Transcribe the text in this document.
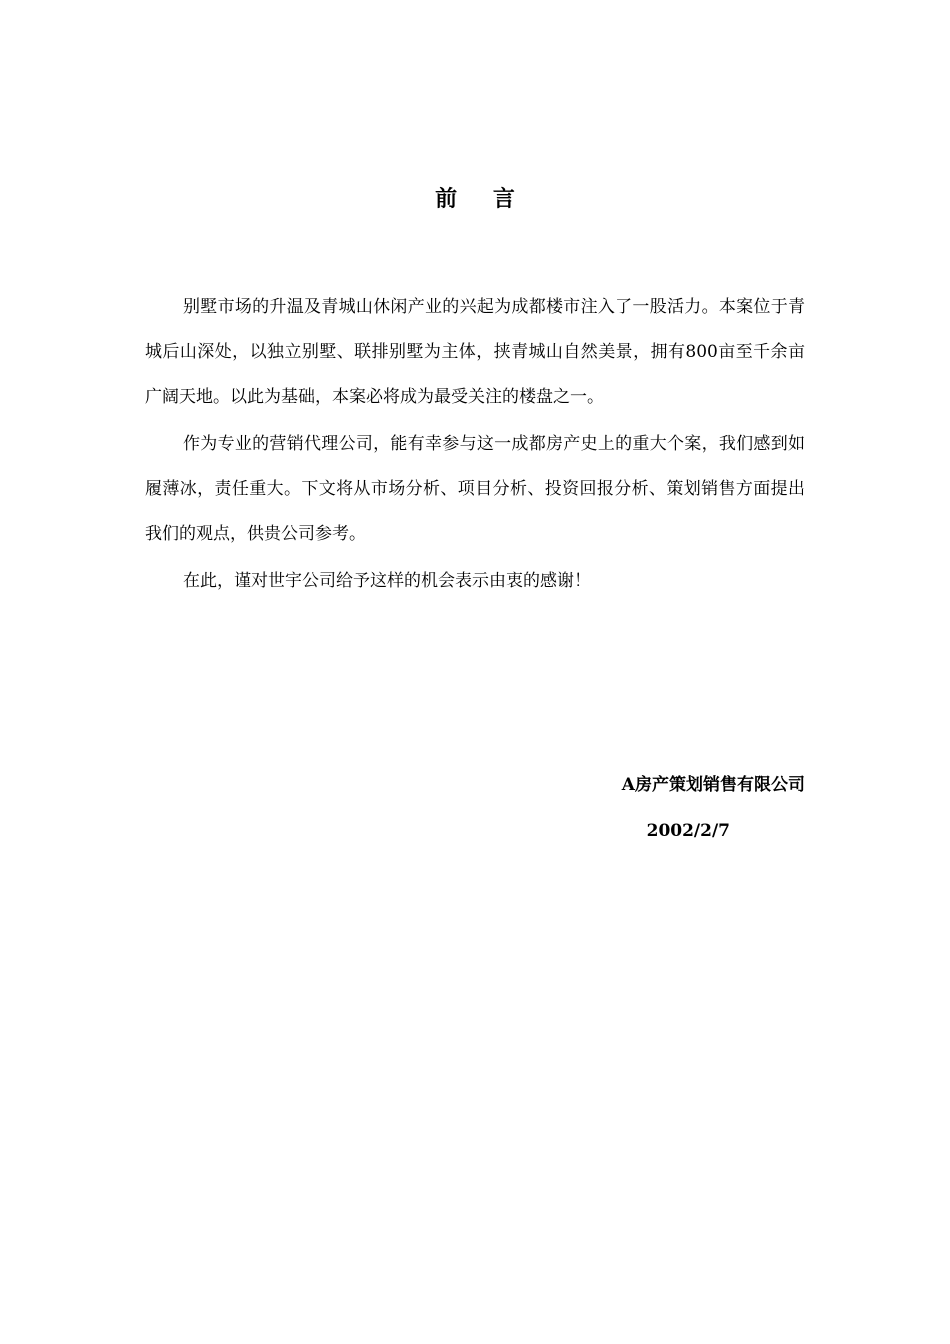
前 言

别墅市场的升温及青城山休闲产业的兴起为成都楼市注入了一股活力。本案位于青城后山深处，以独立别墅、联排别墅为主体，挟青城山自然美景，拥有800亩至千余亩广阔天地。以此为基础，本案必将成为最受关注的楼盘之一。

作为专业的营销代理公司，能有幸参与这一成都房产史上的重大个案，我们感到如履薄冰，责任重大。下文将从市场分析、项目分析、投资回报分析、策划销售方面提出我们的观点，供贵公司参考。

在此，谨对世宇公司给予这样的机会表示由衷的感谢！

A房产策划销售有限公司
2002/2/7
